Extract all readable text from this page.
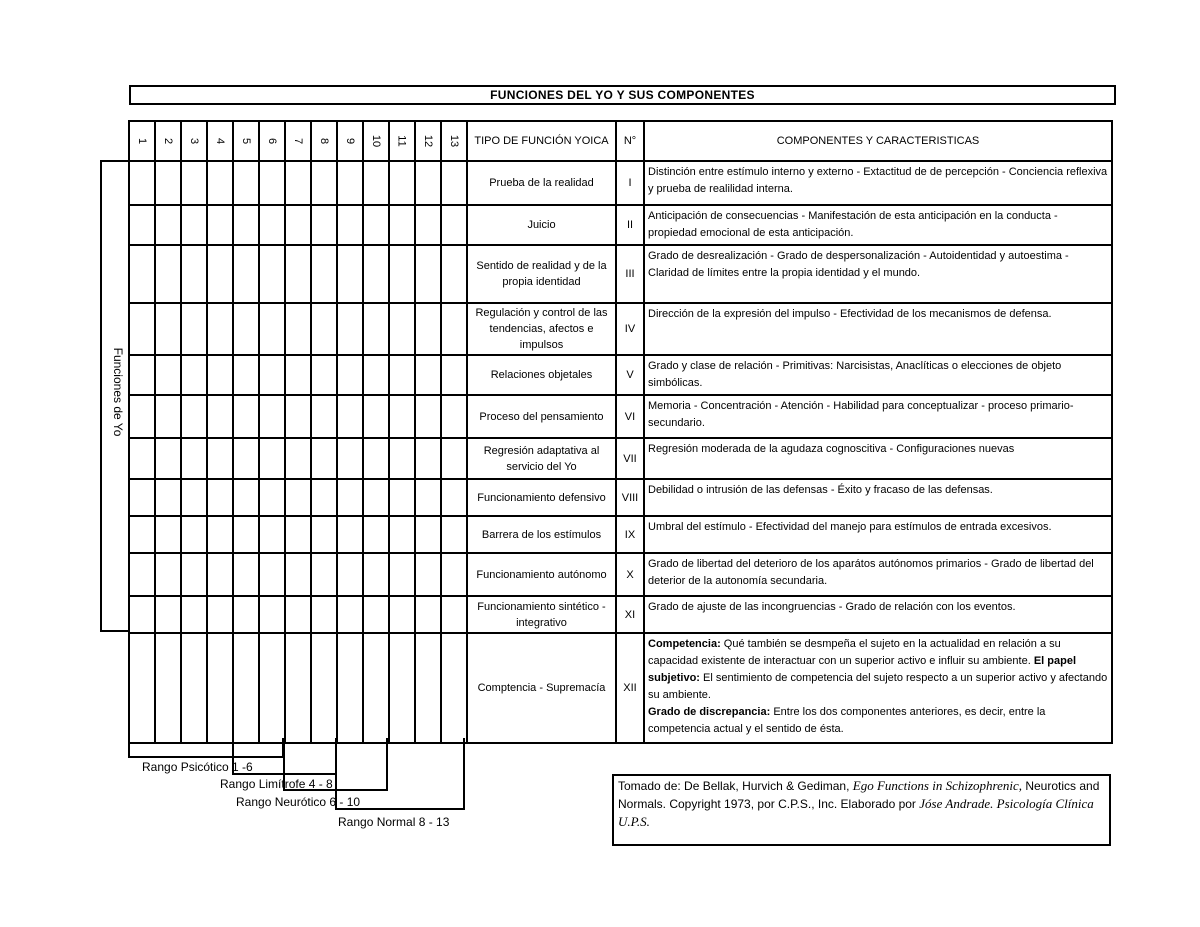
FUNCIONES DEL YO Y SUS COMPONENTES
1	2	3	4	5	6	7	8	9	10	11	12	13	TIPO DE FUNCIÓN YOICA	N°	COMPONENTES Y CARACTERISTICAS
													Prueba de la realidad	I	Distinción entre estímulo interno y externo - Extactitud de de percepción - Conciencia reflexiva y prueba de realilidad interna.
													Juicio	II	Anticipación de consecuencias - Manifestación de esta anticipación en la conducta - propiedad emocional de esta anticipación.
													Sentido de realidad y de la propia identidad	III	Grado de desrealización - Grado de despersonalización - Autoidentidad y autoestima - Claridad de límites entre la propia identidad y el mundo.
													Regulación y control de las tendencias, afectos e impulsos	IV	Dirección de la expresión del impulso - Efectividad de los mecanismos de defensa.
													Relaciones objetales	V	Grado y clase de relación - Primitivas: Narcisistas, Anaclíticas o elecciones de objeto simbólicas.
													Proceso del pensamiento	VI	Memoria - Concentración - Atención - Habilidad para conceptualizar - proceso primario-secundario.
													Regresión adaptativa al servicio del Yo	VII	Regresión moderada de la agudaza cognoscitiva - Configuraciones nuevas
													Funcionamiento defensivo	VIII	Debilidad o intrusión de las defensas - Éxito y fracaso de las defensas.
													Barrera de los estímulos	IX	Umbral del estímulo - Efectividad del manejo para estímulos de entrada excesivos.
													Funcionamiento autónomo	X	Grado de libertad del deterioro de los aparátos autónomos primarios - Grado de libertad del deterior de la autonomía secundaria.
													Funcionamiento sintético - integrativo	XI	Grado de ajuste de las incongruencias - Grado de relación con los eventos.
													Comptencia - Supremacía	XII	Competencia: Qué también se desmpeña el sujeto en la actualidad en relación a su capacidad existente de interactuar con un superior activo e influir su ambiente. El papel subjetivo: El sentimiento de competencia del sujeto respecto a un superior activo y afectando su ambiente.
Grado de discrepancia: Entre los dos componentes anteriores, es decir, entre la competencia actual y el sentido de ésta.
Funciones de Yo
Rango Psicótico 1 -6
Rango Limítrofe 4 - 8
Rango Neurótico 6 - 10
Rango Normal 8 - 13
Tomado de: De Bellak, Hurvich & Gediman, Ego Functions in Schizophrenic, Neurotics and Normals. Copyright 1973, por C.P.S., Inc. Elaborado por Jóse Andrade. Psicología Clínica U.P.S.
